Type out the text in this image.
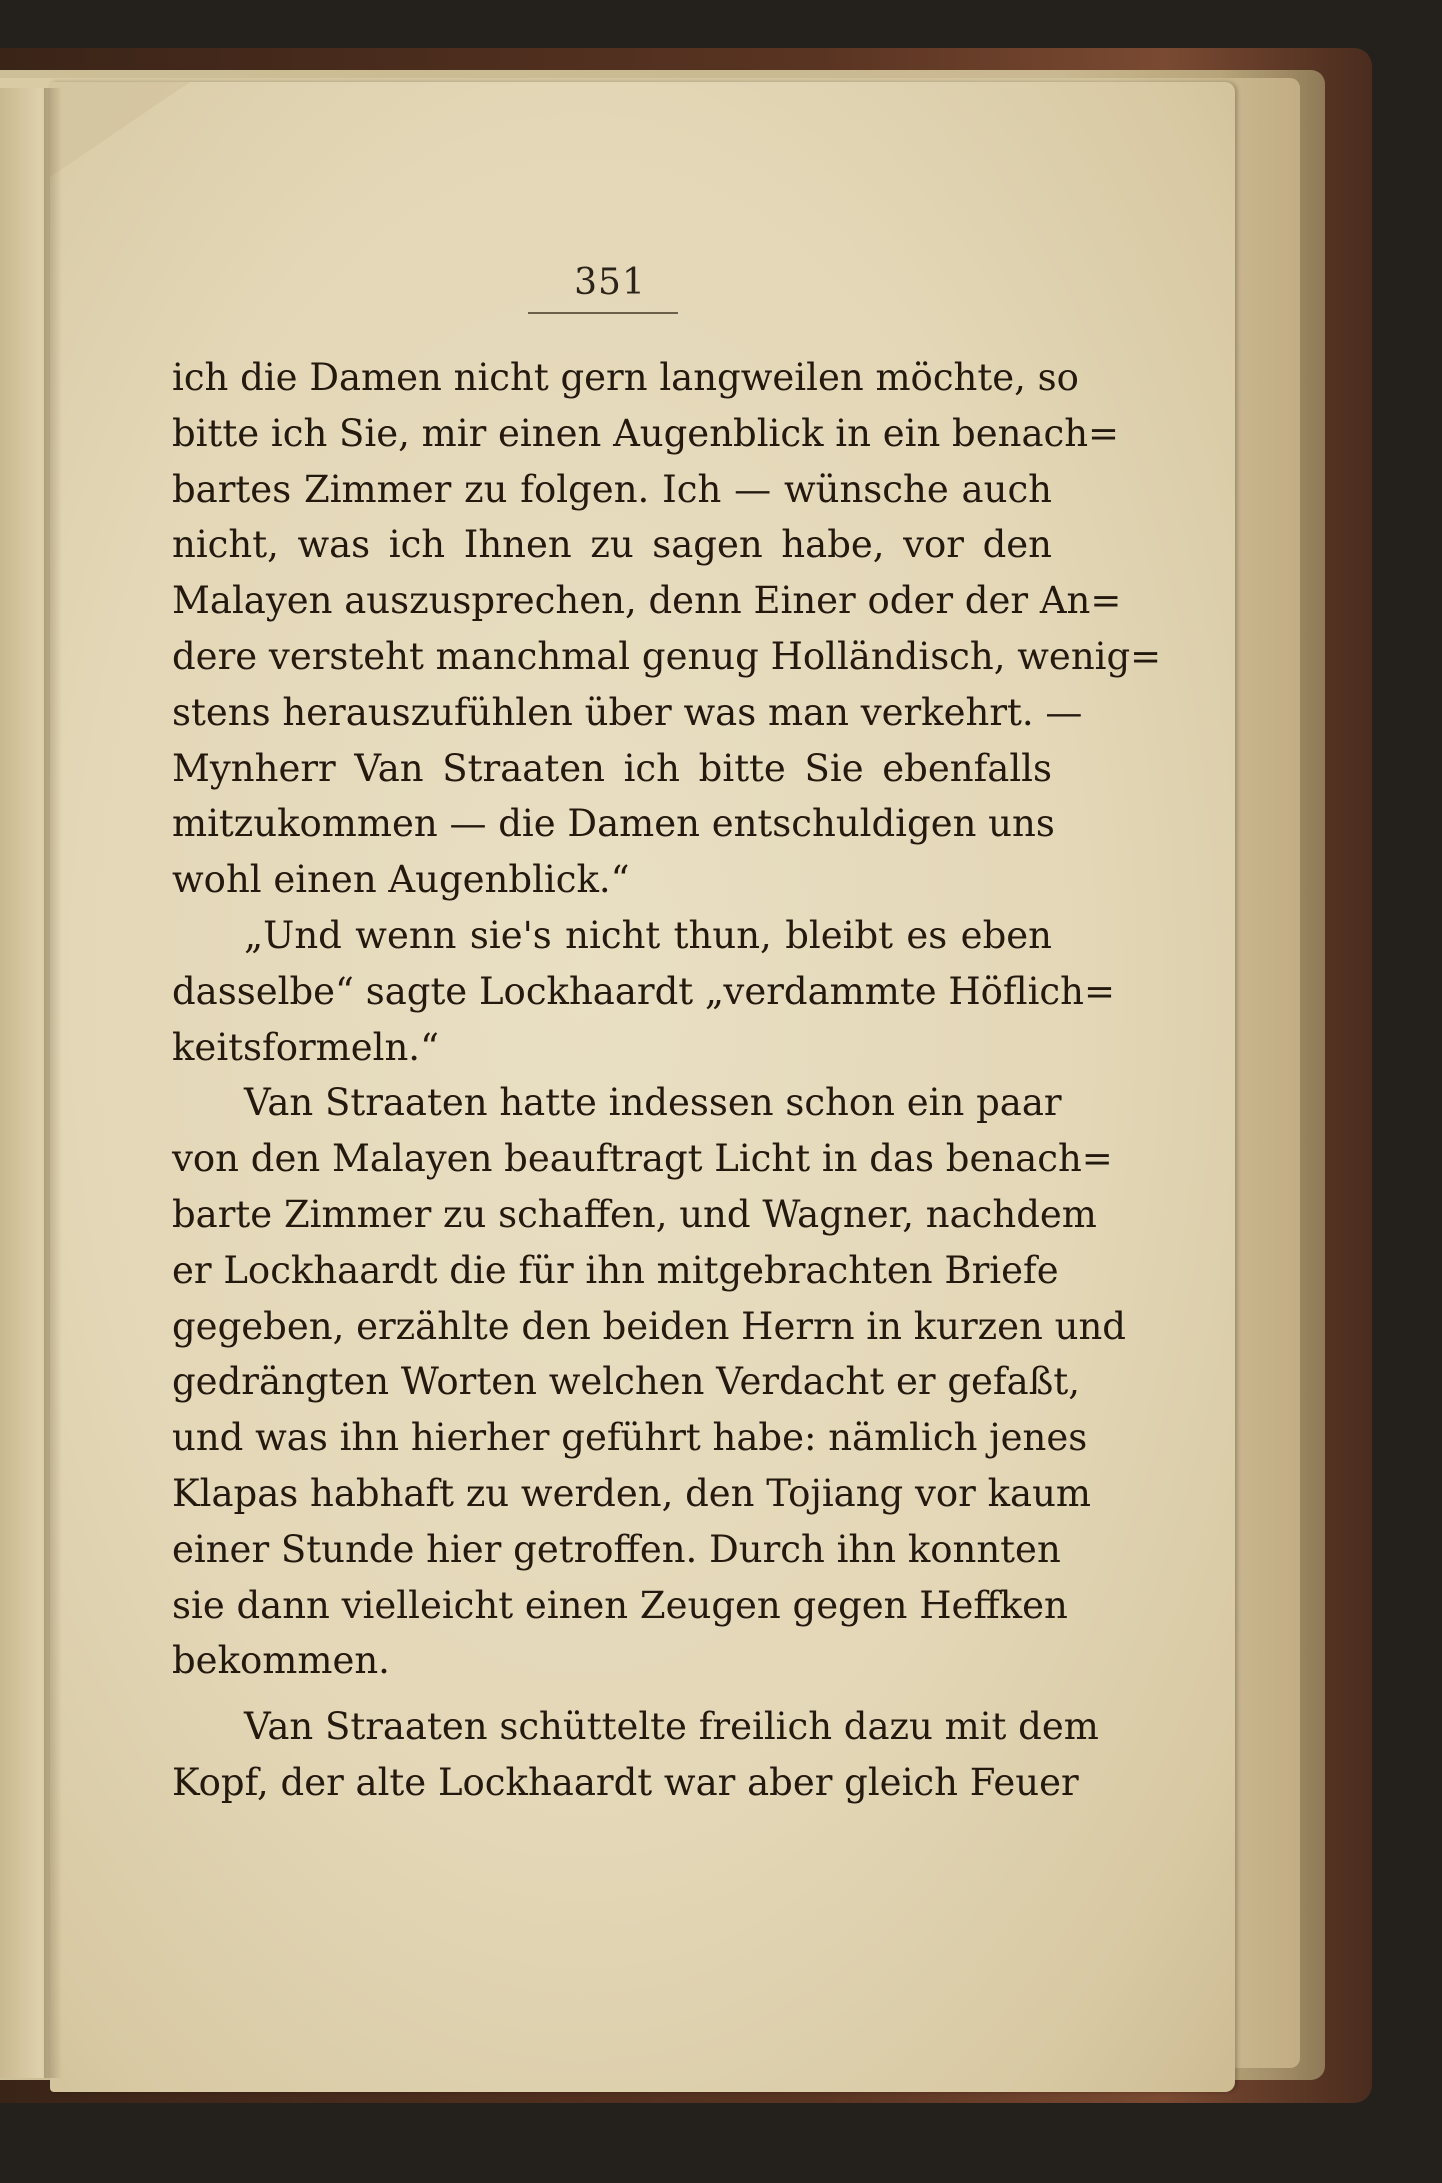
351
ich die Damen nicht gern langweilen möchte, so
bitte ich Sie, mir einen Augenblick in ein benach=
bartes Zimmer zu folgen. Ich — wünsche auch
nicht, was ich Ihnen zu sagen habe, vor den
Malayen auszusprechen, denn Einer oder der An=
dere versteht manchmal genug Holländisch, wenig=
stens herauszufühlen über was man verkehrt. —
Mynherr Van Straaten ich bitte Sie ebenfalls
mitzukommen — die Damen entschuldigen uns
wohl einen Augenblick.“
„Und wenn sie's nicht thun, bleibt es eben
dasselbe“ sagte Lockhaardt „verdammte Höflich=
keitsformeln.“
Van Straaten hatte indessen schon ein paar
von den Malayen beauftragt Licht in das benach=
barte Zimmer zu schaffen, und Wagner, nachdem
er Lockhaardt die für ihn mitgebrachten Briefe
gegeben, erzählte den beiden Herrn in kurzen und
gedrängten Worten welchen Verdacht er gefaßt,
und was ihn hierher geführt habe: nämlich jenes
Klapas habhaft zu werden, den Tojiang vor kaum
einer Stunde hier getroffen. Durch ihn konnten
sie dann vielleicht einen Zeugen gegen Heffken
bekommen.
Van Straaten schüttelte freilich dazu mit dem
Kopf, der alte Lockhaardt war aber gleich Feuer
